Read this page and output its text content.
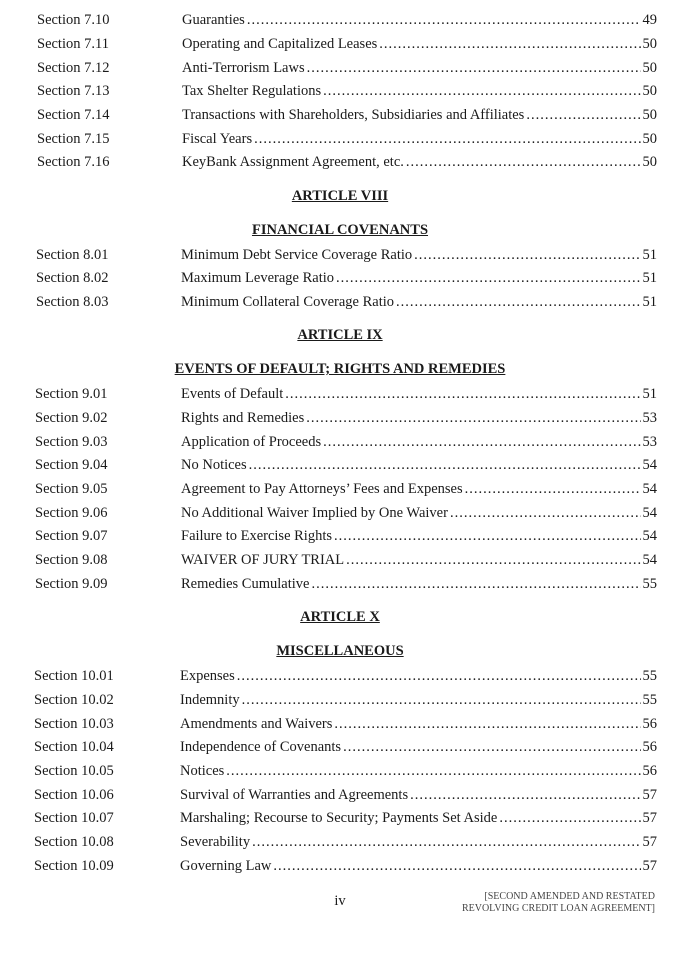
Section 7.10	Guaranties .....	49
Section 7.11	Operating and Capitalized Leases .....	50
Section 7.12	Anti-Terrorism Laws .....	50
Section 7.13	Tax Shelter Regulations .....	50
Section 7.14	Transactions with Shareholders, Subsidiaries and Affiliates .....	50
Section 7.15	Fiscal Years .....	50
Section 7.16	KeyBank Assignment Agreement, etc. .....	50
ARTICLE VIII
FINANCIAL COVENANTS
Section 8.01	Minimum Debt Service Coverage Ratio .....	51
Section 8.02	Maximum Leverage Ratio .....	51
Section 8.03	Minimum Collateral Coverage Ratio .....	51
ARTICLE IX
EVENTS OF DEFAULT; RIGHTS AND REMEDIES
Section 9.01	Events of Default .....	51
Section 9.02	Rights and Remedies .....	53
Section 9.03	Application of Proceeds .....	53
Section 9.04	No Notices .....	54
Section 9.05	Agreement to Pay Attorneys’ Fees and Expenses .....	54
Section 9.06	No Additional Waiver Implied by One Waiver .....	54
Section 9.07	Failure to Exercise Rights .....	54
Section 9.08	WAIVER OF JURY TRIAL .....	54
Section 9.09	Remedies Cumulative .....	55
ARTICLE X
MISCELLANEOUS
Section 10.01	Expenses .....	55
Section 10.02	Indemnity .....	55
Section 10.03	Amendments and Waivers .....	56
Section 10.04	Independence of Covenants .....	56
Section 10.05	Notices .....	56
Section 10.06	Survival of Warranties and Agreements .....	57
Section 10.07	Marshaling; Recourse to Security; Payments Set Aside .....	57
Section 10.08	Severability .....	57
Section 10.09	Governing Law .....	57
iv	[SECOND AMENDED AND RESTATED
REVOLVING CREDIT LOAN AGREEMENT]
